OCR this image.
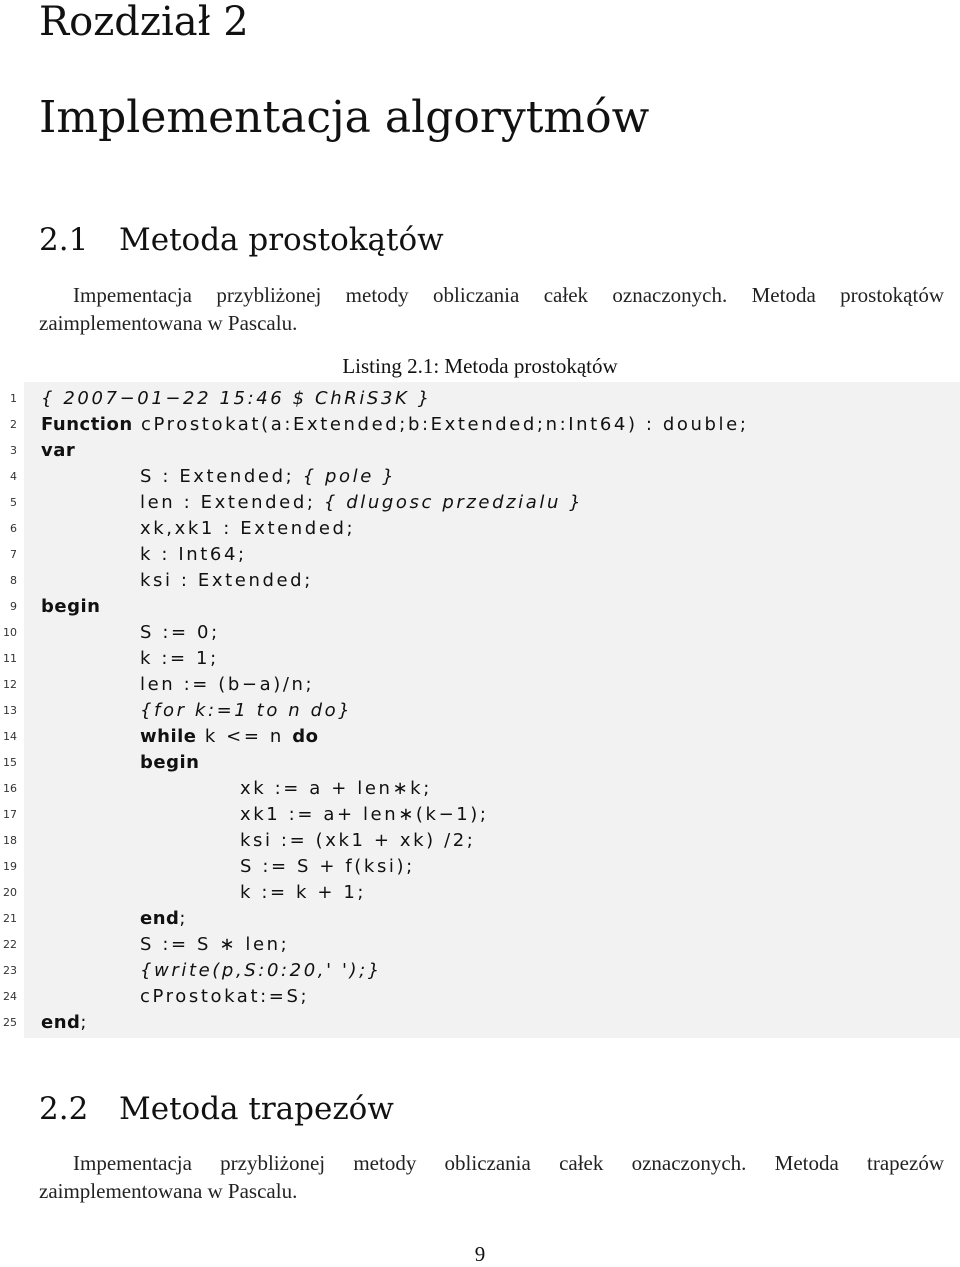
Rozdział 2
Implementacja algorytmów
2.1 Metoda prostokątów

Impementacja przybliżonej metody obliczania całek oznaczonych. Metoda prostokątów zaimplementowana w Pascalu.

Listing 2.1: Metoda prostokątów
1 { 2007−01−22 15:46 $ ChRiS3K }
2 Function cProstokat(a:Extended;b:Extended;n:Int64) : double;
3 var
4	S : Extended; { pole }
5	len : Extended; { dlugosc przedzialu }
6	xk,xk1 : Extended;
7	k : Int64;
8	ksi : Extended;
9 begin
10	S := 0;
11	k := 1;
12	len := (b−a)/n;
13	{for k:=1 to n do}
14	while k <= n do
15	begin
16	xk := a + len∗k;
17	xk1 := a+ len∗(k−1);
18	ksi := (xk1 + xk) /2;
19	S := S + f(ksi);
20	k := k + 1;
21	end;
22	S := S ∗ len;
23	{write(p,S:0:20,' ');}
24	cProstokat:=S;
25 end;
2.2 Metoda trapezów

Impementacja przybliżonej metody obliczania całek oznaczonych. Metoda trapezów zaimplementowana w Pascalu.

9
